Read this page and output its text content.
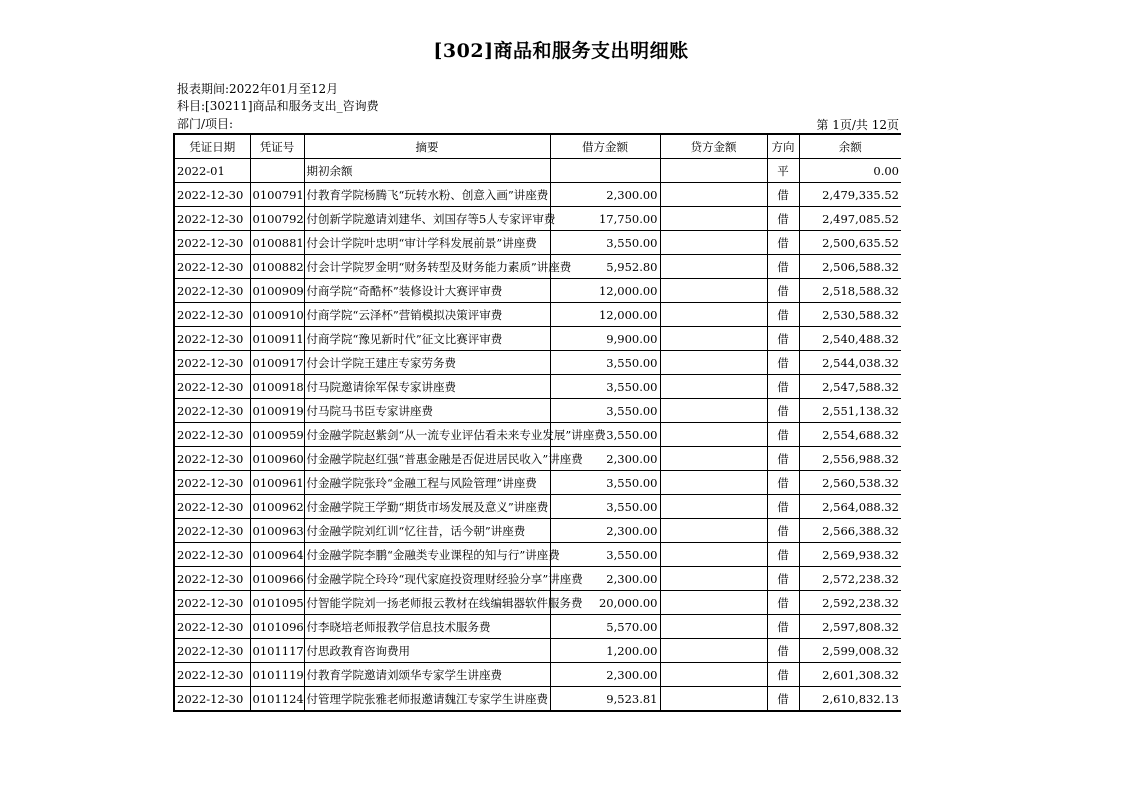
[302]商品和服务支出明细账
报表期间:2022年01月至12月
科目:[30211]商品和服务支出_咨询费
部门/项目:	第 1页/共 12页
凭证日期	凭证号	摘要	借方金额	贷方金额	方向	余额
2022-01		期初余额			平	0.00
2022-12-30	0100791	付教育学院杨腾飞“玩转水粉、创意入画”讲座费	2,300.00		借	2,479,335.52
2022-12-30	0100792	付创新学院邀请刘建华、刘国存等5人专家评审费	17,750.00		借	2,497,085.52
2022-12-30	0100881	付会计学院叶忠明“审计学科发展前景”讲座费	3,550.00		借	2,500,635.52
2022-12-30	0100882	付会计学院罗金明“财务转型及财务能力素质”讲座费	5,952.80		借	2,506,588.32
2022-12-30	0100909	付商学院“奇酷杯”装修设计大赛评审费	12,000.00		借	2,518,588.32
2022-12-30	0100910	付商学院“云泽杯”营销模拟决策评审费	12,000.00		借	2,530,588.32
2022-12-30	0100911	付商学院“豫见新时代”征文比赛评审费	9,900.00		借	2,540,488.32
2022-12-30	0100917	付会计学院王建庄专家劳务费	3,550.00		借	2,544,038.32
2022-12-30	0100918	付马院邀请徐军保专家讲座费	3,550.00		借	2,547,588.32
2022-12-30	0100919	付马院马书臣专家讲座费	3,550.00		借	2,551,138.32
2022-12-30	0100959	付金融学院赵紫剑“从一流专业评估看未来专业发展”讲座费	3,550.00		借	2,554,688.32
2022-12-30	0100960	付金融学院赵红强“普惠金融是否促进居民收入”讲座费	2,300.00		借	2,556,988.32
2022-12-30	0100961	付金融学院张玲“金融工程与风险管理”讲座费	3,550.00		借	2,560,538.32
2022-12-30	0100962	付金融学院王学勤“期货市场发展及意义”讲座费	3,550.00		借	2,564,088.32
2022-12-30	0100963	付金融学院刘红训“忆往昔，话今朝”讲座费	2,300.00		借	2,566,388.32
2022-12-30	0100964	付金融学院李鹏“金融类专业课程的知与行”讲座费	3,550.00		借	2,569,938.32
2022-12-30	0100966	付金融学院仝玲玲“现代家庭投资理财经验分享”讲座费	2,300.00		借	2,572,238.32
2022-12-30	0101095	付智能学院刘一扬老师报云教材在线编辑器软件服务费	20,000.00		借	2,592,238.32
2022-12-30	0101096	付李晓培老师报教学信息技术服务费	5,570.00		借	2,597,808.32
2022-12-30	0101117	付思政教育咨询费用	1,200.00		借	2,599,008.32
2022-12-30	0101119	付教育学院邀请刘颂华专家学生讲座费	2,300.00		借	2,601,308.32
2022-12-30	0101124	付管理学院张雅老师报邀请魏江专家学生讲座费	9,523.81		借	2,610,832.13
